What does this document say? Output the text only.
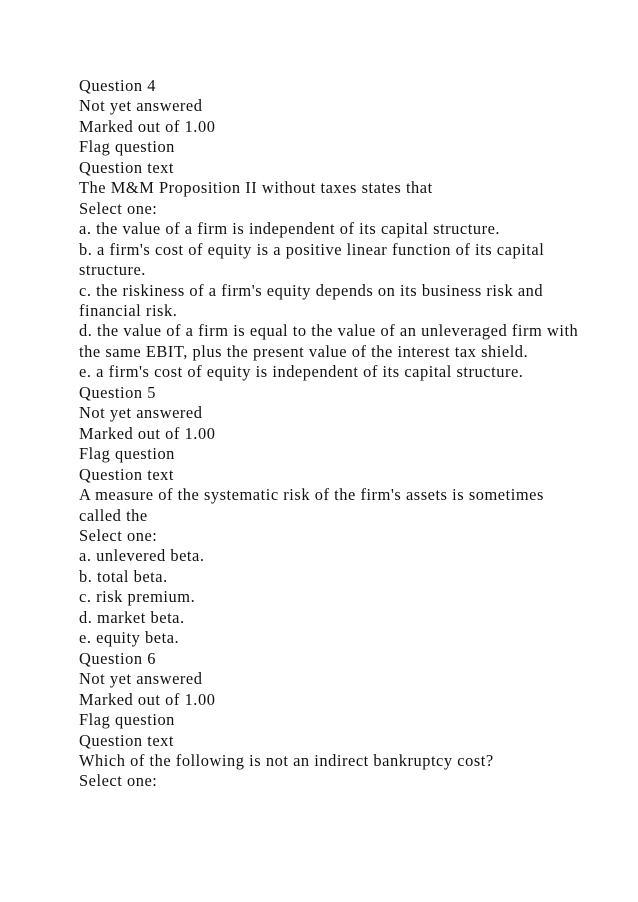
Question 4
Not yet answered
Marked out of 1.00
Flag question
Question text
The M&M Proposition II without taxes states that
Select one:
a. the value of a firm is independent of its capital structure.
b. a firm's cost of equity is a positive linear function of its capital structure.
c. the riskiness of a firm's equity depends on its business risk and financial risk.
d. the value of a firm is equal to the value of an unleveraged firm with the same EBIT, plus the present value of the interest tax shield.
e. a firm's cost of equity is independent of its capital structure.
Question 5
Not yet answered
Marked out of 1.00
Flag question
Question text
A measure of the systematic risk of the firm's assets is sometimes called the
Select one:
a. unlevered beta.
b. total beta.
c. risk premium.
d. market beta.
e. equity beta.
Question 6
Not yet answered
Marked out of 1.00
Flag question
Question text
Which of the following is not an indirect bankruptcy cost?
Select one:
